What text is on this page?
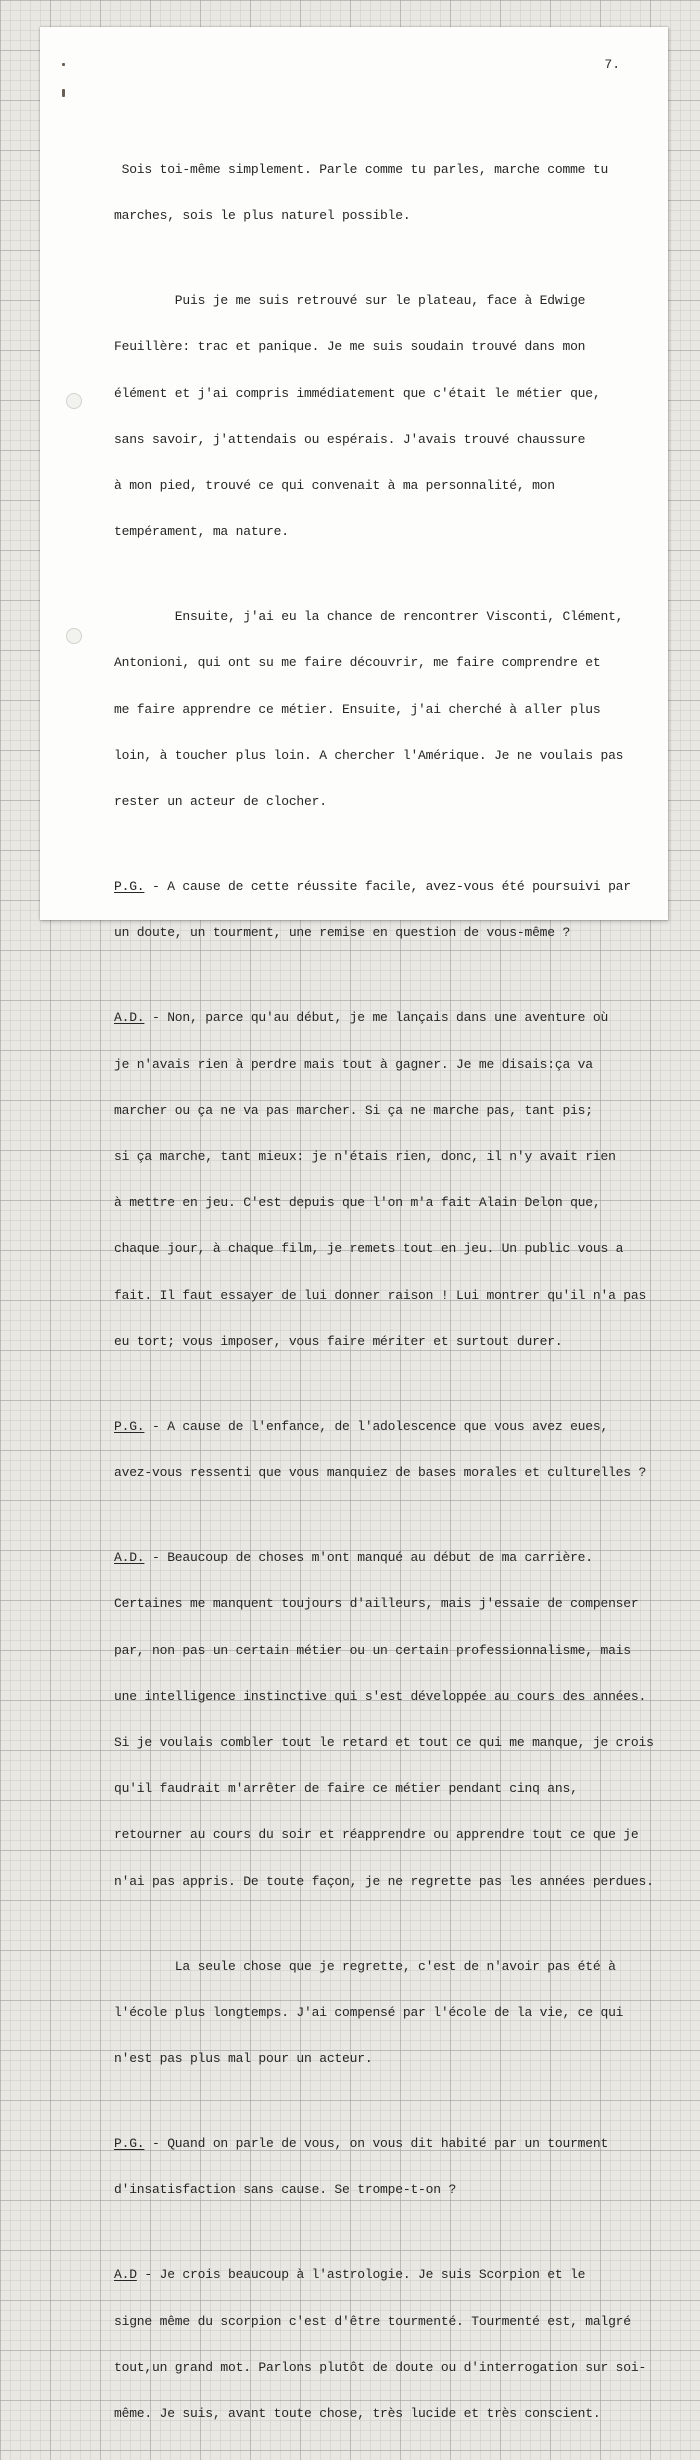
7.

Sois toi-même simplement. Parle comme tu parles, marche comme tu

marches, sois le plus naturel possible.

Puis je me suis retrouvé sur le plateau, face à Edwige

Feuillère: trac et panique. Je me suis soudain trouvé dans mon

élément et j'ai compris immédiatement que c'était le métier que,

sans savoir, j'attendais ou espérais. J'avais trouvé chaussure

à mon pied, trouvé ce qui convenait à ma personnalité, mon

tempérament, ma nature.

Ensuite, j'ai eu la chance de rencontrer Visconti, Clément,

Antonioni, qui ont su me faire découvrir, me faire comprendre et

me faire apprendre ce métier. Ensuite, j'ai cherché à aller plus

loin, à toucher plus loin. A chercher l'Amérique. Je ne voulais pas

rester un acteur de clocher.

P.G. - A cause de cette réussite facile, avez-vous été poursuivi par

un doute, un tourment, une remise en question de vous-même ?

A.D. - Non, parce qu'au début, je me lançais dans une aventure où

je n'avais rien à perdre mais tout à gagner. Je me disais:ça va

marcher ou ça ne va pas marcher. Si ça ne marche pas, tant pis;

si ça marche, tant mieux: je n'étais rien, donc, il n'y avait rien

à mettre en jeu. C'est depuis que l'on m'a fait Alain Delon que,

chaque jour, à chaque film, je remets tout en jeu. Un public vous a

fait. Il faut essayer de lui donner raison ! Lui montrer qu'il n'a pas

eu tort; vous imposer, vous faire mériter et surtout durer.

P.G. - A cause de l'enfance, de l'adolescence que vous avez eues,

avez-vous ressenti que vous manquiez de bases morales et culturelles ?

A.D. - Beaucoup de choses m'ont manqué au début de ma carrière.

Certaines me manquent toujours d'ailleurs, mais j'essaie de compenser

par, non pas un certain métier ou un certain professionnalisme, mais

une intelligence instinctive qui s'est développée au cours des années.

Si je voulais combler tout le retard et tout ce qui me manque, je crois

qu'il faudrait m'arrêter de faire ce métier pendant cinq ans,

retourner au cours du soir et réapprendre ou apprendre tout ce que je

n'ai pas appris. De toute façon, je ne regrette pas les années perdues.

La seule chose que je regrette, c'est de n'avoir pas été à

l'école plus longtemps. J'ai compensé par l'école de la vie, ce qui

n'est pas plus mal pour un acteur.

P.G. - Quand on parle de vous, on vous dit habité par un tourment

d'insatisfaction sans cause. Se trompe-t-on ?

A.D - Je crois beaucoup à l'astrologie. Je suis Scorpion et le

signe même du scorpion c'est d'être tourmenté. Tourmenté est, malgré

tout,un grand mot. Parlons plutôt de doute ou d'interrogation sur soi-

même. Je suis, avant toute chose, très lucide et très conscient.
